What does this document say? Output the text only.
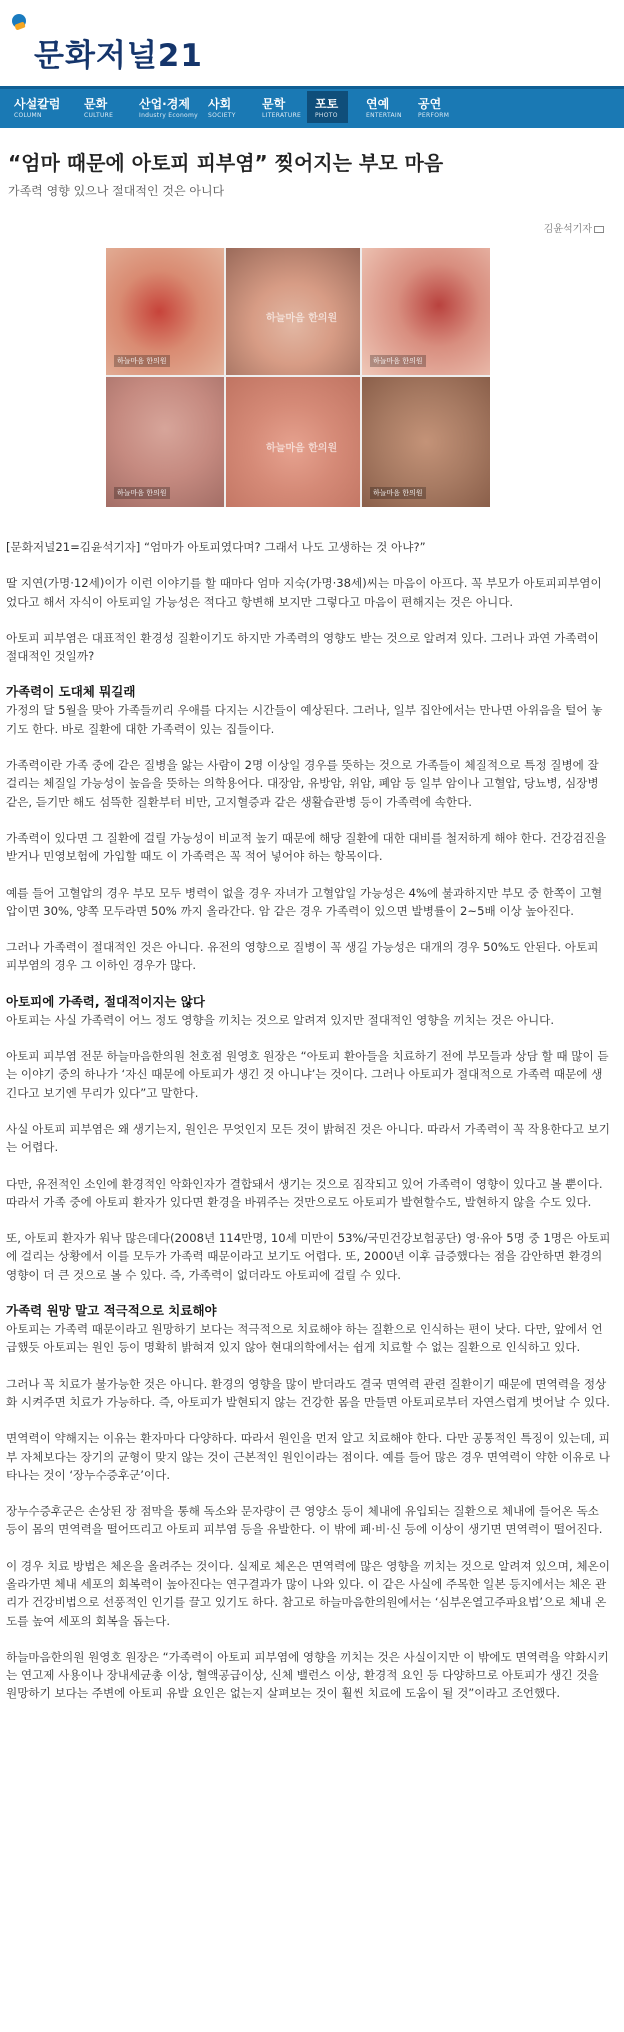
문화저널21
사설칼럼
COLUMN
문화
CULTURE
산업·경제
Industry Economy
사회
SOCIETY
문학
LITERATURE
포토
PHOTO
연예
ENTERTAIN
공연
PERFORM
“엄마 때문에 아토피 피부염” 찢어지는 부모 마음
가족력 영향 있으나 절대적인 것은 아니다
김윤석기자
하늘마음 한의원
하늘마음 한의원
하늘마음 한의원
하늘마음 한의원
하늘마음 한의원
하늘마음 한의원

[문화저널21=김윤석기자] “엄마가 아토피였다며? 그래서 나도 고생하는 것 아냐?”

딸 지연(가명·12세)이가 이런 이야기를 할 때마다 엄마 지숙(가명·38세)씨는 마음이 아프다. 꼭 부모가 아토피피부염이었다고 해서 자식이 아토피일 가능성은 적다고 항변해 보지만 그렇다고 마음이 편해지는 것은 아니다.

아토피 피부염은 대표적인 환경성 질환이기도 하지만 가족력의 영향도 받는 것으로 알려져 있다. 그러나 과연 가족력이 절대적인 것일까?

가족력이 도대체 뭐길래

가정의 달 5월을 맞아 가족들끼리 우애를 다지는 시간들이 예상된다. 그러나, 일부 집안에서는 만나면 아위음을 털어 놓기도 한다. 바로 질환에 대한 가족력이 있는 집들이다.

가족력이란 가족 중에 같은 질병을 앓는 사람이 2명 이상일 경우를 뜻하는 것으로 가족들이 체질적으로 특정 질병에 잘 걸리는 체질일 가능성이 높음을 뜻하는 의학용어다. 대장암, 유방암, 위암, 폐암 등 일부 암이나 고혈압, 당뇨병, 심장병 같은, 듣기만 해도 섬뜩한 질환부터 비만, 고지혈증과 같은 생활습관병 등이 가족력에 속한다.

가족력이 있다면 그 질환에 걸릴 가능성이 비교적 높기 때문에 해당 질환에 대한 대비를 철저하게 해야 한다. 건강검진을 받거나 민영보험에 가입할 때도 이 가족력은 꼭 적어 넣어야 하는 항목이다.

예를 들어 고혈압의 경우 부모 모두 병력이 없을 경우 자녀가 고혈압일 가능성은 4%에 불과하지만 부모 중 한쪽이 고혈압이면 30%, 양쪽 모두라면 50% 까지 올라간다. 암 같은 경우 가족력이 있으면 발병률이 2~5배 이상 높아진다.

그러나 가족력이 절대적인 것은 아니다. 유전의 영향으로 질병이 꼭 생길 가능성은 대개의 경우 50%도 안된다. 아토피 피부염의 경우 그 이하인 경우가 많다.

아토피에 가족력, 절대적이지는 않다

아토피는 사실 가족력이 어느 정도 영향을 끼치는 것으로 알려져 있지만 절대적인 영향을 끼치는 것은 아니다.

아토피 피부염 전문 하늘마음한의원 천호점 원영호 원장은 “아토피 환아들을 치료하기 전에 부모들과 상담 할 때 많이 듣는 이야기 중의 하나가 ‘자신 때문에 아토피가 생긴 것 아니냐’는 것이다. 그러나 아토피가 절대적으로 가족력 때문에 생긴다고 보기엔 무리가 있다”고 말한다.

사실 아토피 피부염은 왜 생기는지, 원인은 무엇인지 모든 것이 밝혀진 것은 아니다. 따라서 가족력이 꼭 작용한다고 보기는 어렵다.

다만, 유전적인 소인에 환경적인 악화인자가 결합돼서 생기는 것으로 짐작되고 있어 가족력이 영향이 있다고 볼 뿐이다. 따라서 가족 중에 아토피 환자가 있다면 환경을 바꿔주는 것만으로도 아토피가 발현할수도, 발현하지 않을 수도 있다.

또, 아토피 환자가 워낙 많은데다(2008년 114만명, 10세 미만이 53%/국민건강보험공단) 영·유아 5명 중 1명은 아토피에 걸리는 상황에서 이를 모두가 가족력 때문이라고 보기도 어렵다. 또, 2000년 이후 급증했다는 점을 감안하면 환경의 영향이 더 큰 것으로 볼 수 있다. 즉, 가족력이 없더라도 아토피에 걸릴 수 있다.

가족력 원망 말고 적극적으로 치료해야

아토피는 가족력 때문이라고 원망하기 보다는 적극적으로 치료해야 하는 질환으로 인식하는 편이 낫다. 다만, 앞에서 언급했듯 아토피는 원인 등이 명확히 밝혀져 있지 않아 현대의학에서는 쉽게 치료할 수 없는 질환으로 인식하고 있다.

그러나 꼭 치료가 불가능한 것은 아니다. 환경의 영향을 많이 받더라도 결국 면역력 관련 질환이기 때문에 면역력을 정상화 시켜주면 치료가 가능하다. 즉, 아토피가 발현되지 않는 건강한 몸을 만들면 아토피로부터 자연스럽게 벗어날 수 있다.

면역력이 약해지는 이유는 환자마다 다양하다. 따라서 원인을 먼저 알고 치료해야 한다. 다만 공통적인 특징이 있는데, 피부 자체보다는 장기의 균형이 맞지 않는 것이 근본적인 원인이라는 점이다. 예를 들어 많은 경우 면역력이 약한 이유로 나타나는 것이 ‘장누수증후군’이다.

장누수증후군은 손상된 장 점막을 통해 독소와 문자량이 큰 영양소 등이 체내에 유입되는 질환으로 체내에 들어온 독소 등이 몸의 면역력을 떨어뜨리고 아토피 피부염 등을 유발한다. 이 밖에 폐·비·신 등에 이상이 생기면 면역력이 떨어진다.

이 경우 치료 방법은 체온을 올려주는 것이다. 실제로 체온은 면역력에 많은 영향을 끼치는 것으로 알려져 있으며, 체온이 올라가면 체내 세포의 회복력이 높아진다는 연구결과가 많이 나와 있다. 이 같은 사실에 주목한 일본 등지에서는 체온 관리가 건강비법으로 선풍적인 인기를 끌고 있기도 하다. 참고로 하늘마음한의원에서는 ‘심부온열고주파요법’으로 체내 온도를 높여 세포의 회복을 돕는다.

하늘마음한의원 원영호 원장은 “가족력이 아토피 피부염에 영향을 끼치는 것은 사실이지만 이 밖에도 면역력을 약화시키는 연고제 사용이나 장내세균총 이상, 혈액공급이상, 신체 밸런스 이상, 환경적 요인 등 다양하므로 아토피가 생긴 것을 원망하기 보다는 주변에 아토피 유발 요인은 없는지 살펴보는 것이 훨씬 치료에 도움이 될 것”이라고 조언했다.
